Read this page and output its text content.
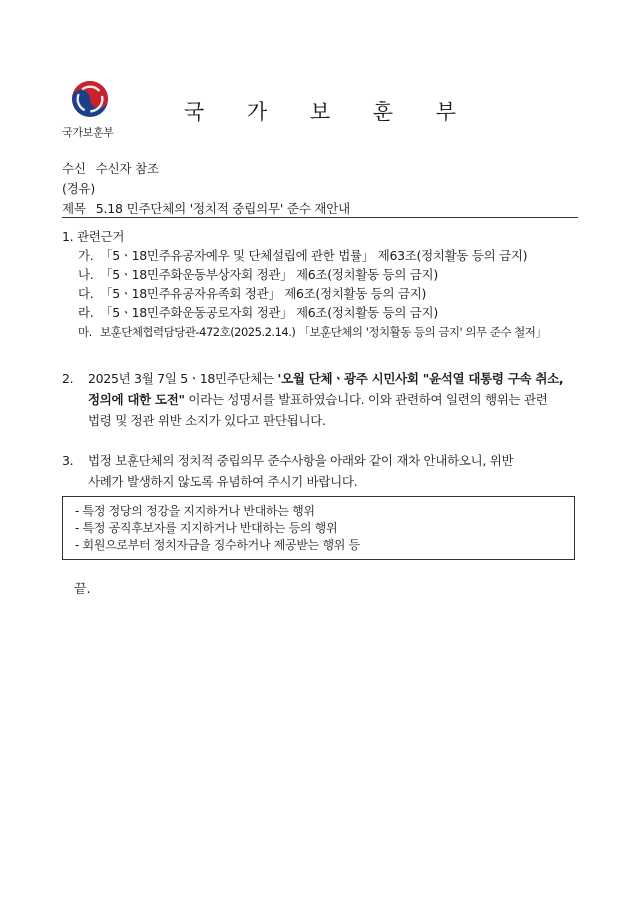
국가보훈부
국 가 보 훈 부
수신 수신자 참조
(경유)
제목 5.18 민주단체의 '정치적 중립의무' 준수 재안내
1. 관련근거
가. 「5ㆍ18민주유공자예우 및 단체설립에 관한 법률」 제63조(정치활동 등의 금지)
나. 「5ㆍ18민주화운동부상자회 정관」 제6조(정치활동 등의 금지)
다. 「5ㆍ18민주유공자유족회 정관」 제6조(정치활동 등의 금지)
라. 「5ㆍ18민주화운동공로자회 정관」 제6조(정치활동 등의 금지)
마. 보훈단체협력담당관-472호(2025.2.14.) 「보훈단체의 '정치활동 등의 금지' 의무 준수 철저」
2.	2025년 3월 7일 5ㆍ18민주단체는 '오월 단체ㆍ광주 시민사회 "윤석열 대통령 구속 취소,
정의에 대한 도전" 이라는 성명서를 발표하였습니다. 이와 관련하여 일련의 행위는 관련
법령 및 정관 위반 소지가 있다고 판단됩니다.
3.	법정 보훈단체의 정치적 중립의무 준수사항을 아래와 같이 재차 안내하오니, 위반
사례가 발생하지 않도록 유념하여 주시기 바랍니다.
- 특정 정당의 정강을 지지하거나 반대하는 행위
- 특정 공직후보자를 지지하거나 반대하는 등의 행위
- 회원으로부터 정치자금을 징수하거나 제공받는 행위 등
끝.
